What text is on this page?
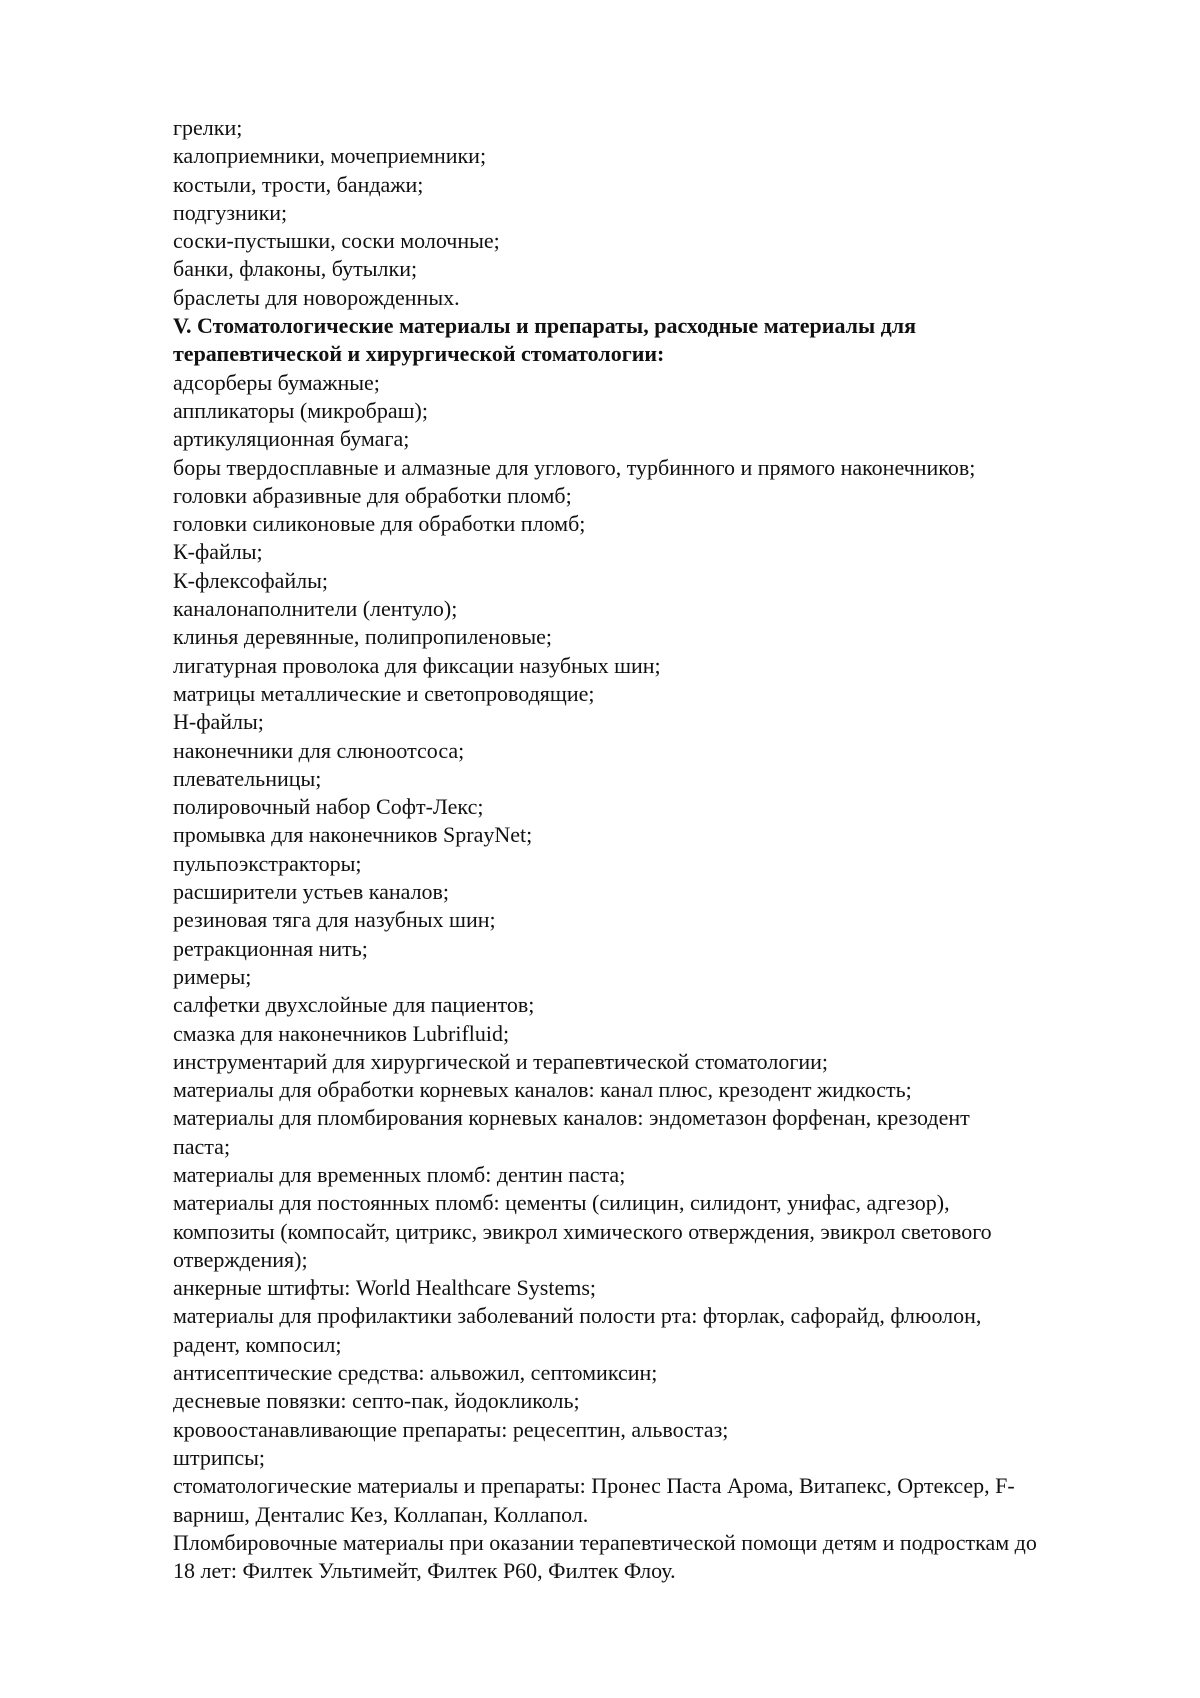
грелки;

калоприемники, мочеприемники;

костыли, трости, бандажи;

подгузники;

соски-пустышки, соски молочные;

банки, флаконы, бутылки;

браслеты для новорожденных.

V. Стоматологические материалы и препараты, расходные материалы для

терапевтической и хирургической стоматологии:

адсорберы бумажные;

аппликаторы (микробраш);

артикуляционная бумага;

боры твердосплавные и алмазные для углового, турбинного и прямого наконечников;

головки абразивные для обработки пломб;

головки силиконовые для обработки пломб;

К-файлы;

К-флексофайлы;

каналонаполнители (лентуло);

клинья деревянные, полипропиленовые;

лигатурная проволока для фиксации назубных шин;

матрицы металлические и светопроводящие;

Н-файлы;

наконечники для слюноотсоса;

плевательницы;

полировочный набор Софт-Лекс;

промывка для наконечников SprayNet;

пульпоэкстракторы;

расширители устьев каналов;

резиновая тяга для назубных шин;

ретракционная нить;

римеры;

салфетки двухслойные для пациентов;

смазка для наконечников Lubrifluid;

инструментарий для хирургической и терапевтической стоматологии;

материалы для обработки корневых каналов: канал плюс, крезодент жидкость;

материалы для пломбирования корневых каналов: эндометазон форфенан, крезодент

паста;

материалы для временных пломб: дентин паста;

материалы для постоянных пломб: цементы (силицин, силидонт, унифас, адгезор),

композиты (компосайт, цитрикс, эвикрол химического отверждения, эвикрол светового

отверждения);

анкерные штифты: World Healthcare Systems;

материалы для профилактики заболеваний полости рта: фторлак, сафорайд, флюолон,

радент, компосил;

антисептические средства: альвожил, септомиксин;

десневые повязки: септо-пак, йодокликоль;

кровоостанавливающие препараты: рецесептин, альвостаз;

штрипсы;

стоматологические материалы и препараты: Пронес Паста Арома, Витапекс, Ортексер, F-

варниш, Денталис Кез, Коллапан, Коллапол.

Пломбировочные материалы при оказании терапевтической помощи детям и подросткам до

18 лет: Филтек Ультимейт, Филтек Р60, Филтек Флоу.
